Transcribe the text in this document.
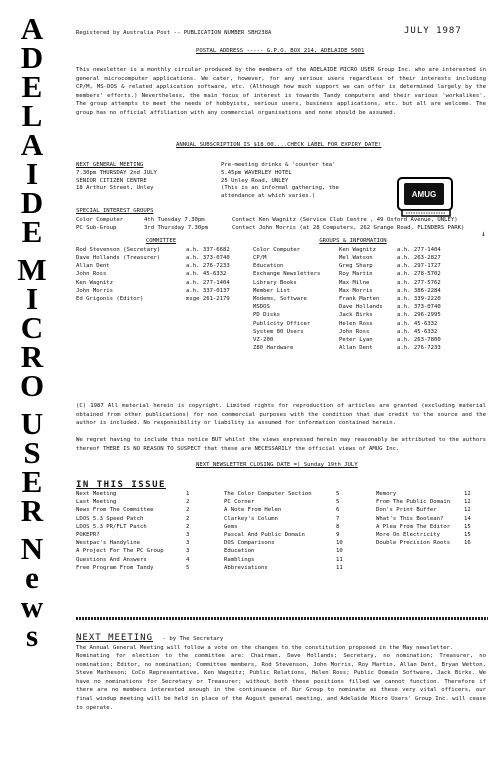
A
D
E
L
A
I
D
E
M
I
C
R
O
U
S
E
R
N
e
w
s
Registered by Australia Post -- PUBLICATION NUMBER SBH238A	JULY 1987
POSTAL ADDRESS ----- G.P.O. BOX 214, ADELAIDE 5001
This newsletter is a monthly circular produced by the members of the ADELAIDE MICRO USER Group Inc. who are interested in general microcomputer applications. We cater, however, for any serious users regardless of their interests including CP/M, MS-DOS & related application software, etc. (Although how much support we can offer is determined largely by the members' efforts.) Nevertheless, the main focus of interest is towards Tandy computers and their various 'workalikes'. The group attempts to meet the needs of hobbyists, serious users, business applications, etc. but all are welcome. The group has no official affiliation with any commercial organisations and none should be assumed.
ANNUAL SUBSCRIPTION IS $18.00....CHECK LABEL FOR EXPIRY DATE!
NEXT GENERAL MEETING
7.30pm THURSDAY 2nd JULY
SENIOR CITIZEN CENTRE
18 Arthur Street, Unley
Pre-meeting drinks & 'counter tea'
5.45pm WAVERLEY HOTEL
25 Unley Road, UNLEY
(This is an informal gathering, the
attendance at which varies.)	AMUG
SPECIAL INTEREST GROUPS
Color Computer	4th Tuesday 7.30pm	Contact Ken Wagnitz (Service Club Centre , 49 Oxford Avenue, UNLEY)
PC Sub-Group	3rd Thursday 7.30pm	Contact John Morris (at 28 Computers, 262 Grange Road, FLINDERS PARK)
↓
COMMITTEE
Rod Stevenson (Secretary)	a.h. 337-6682
Dave Hollands (Treasurer)	a.h. 373-0740
Allan Dent	a.h. 276-7233
John Ross	a.h. 45-6332
Ken Wagnitz	a.h. 277-1404
John Morris	a.h. 337-0137
Ed Grigonis (Editor)	msge 261-2179
GROUPS & INFORMATION
Color Computer	Ken Wagnitz	a.h. 277-1404
CP/M	Mel Watson	a.h. 263-2827
Education	Greg Sharp	a.h. 297-1727
Exchange Newsletters	Roy Martin	a.h. 278-5702
Library Books	Max Milne	a.h. 277-5762
Member List	Max Morris	a.h. 386-2284
Modems, Software	Frank Marten	a.h. 339-2220
MSDOS	Dave Hollands	a.h. 373-0740
PD Disks	Jack Birks	a.h. 296-2995
Publicity Officer	Helen Ross	a.h. 45-6332
System 80 Users	John Ross	a.h. 45-6332
VZ-200	Peter Lyan	a.h. 263-7800
Z80 Hardware	Allan Dent	a.h. 276-7233
(C) 1987 All material herein is copyright. Limited rights for reproduction of articles are granted (excluding material obtained from other publications) for non commercial purposes with the condition that due credit to the source and the author is included. No responsibility or liability is assumed for information contained herein.
We regret having to include this notice BUT whilst the views expressed herein may reasonably be attributed to the authors thereof THERE IS NO REASON TO SUSPECT that these are NECESSARILY the official views of AMUG Inc.
NEXT NEWSLETTER CLOSING DATE =) Sunday 19th JULY
IN THIS ISSUE
Next Meeting	1
Last Meeting	2
News From The Committee	2
LDOS 5.3 Speed Patch	2
LDOS 5.3 PR/FLT Patch	2
POKEPR?	3
Westpac's Handyline	3
A Project For The PC Group	3
Questions And Answers	4
Free Program From Tandy	5
The Color Computer Section	5
PC Corner	5
A Note From Helen	6
Clarkey's Column	7
Gems	8
Pascal And Public Domain	9
DOS Comparisons	10
Education	10
Ramblings	11
Abbreviations	11
Memory	12
From The Public Domain	12
Don's Print Buffer	12
What's This Boolean?	14
A Plea From The Editor	15
More On Electricity	15
Double Precision Roots	16
NEXT MEETING - by The Secretary
The Annual General Meeting will follow a vote on the changes to the constitution proposed in the May newsletter.
Nominating for election to the committee are: Chairman, Dave Hollands; Secretary, no nomination; Treasurer, no nomination; Editor, no nomination; Committee members, Rod Stevenson, John Morris, Roy Martin, Allan Dent, Bryan Wetton, Steve Matheson; CoCo Representative, Ken Wagnitz; Public Relations, Helen Ross; Public Domain Software, Jack Birks. We have no nominations for Secretary or Treasurer; without both these positions filled we cannot function. Therefore if there are no members interested enough in the continuance of Our Group to nominate as these very vital officers, our final windup meeting will be held in place of the August general meeting, and Adelaide Micro Users' Group Inc. will cease to operate.
